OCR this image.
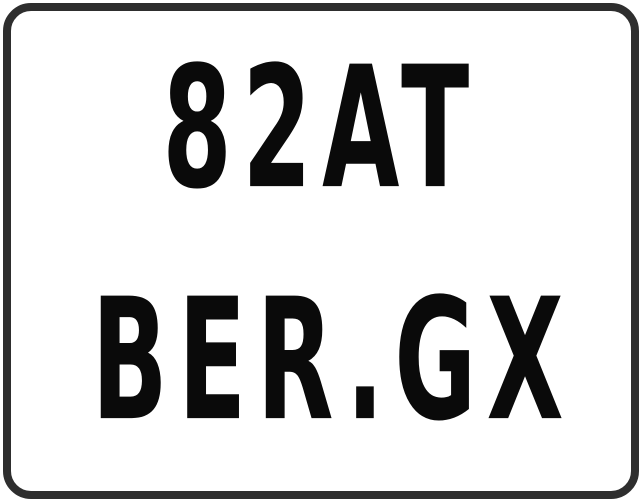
82AT
BER.GX
